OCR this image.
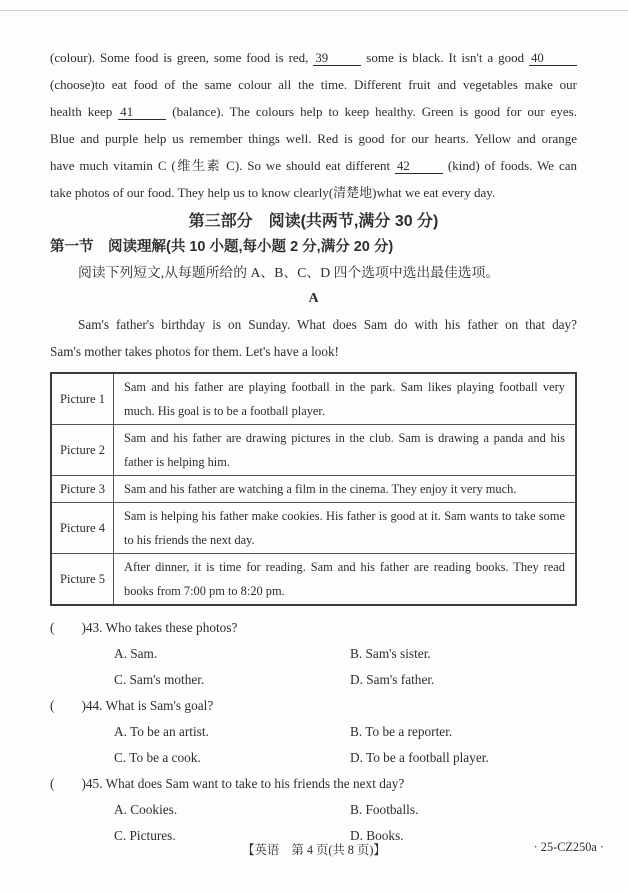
(colour). Some food is green, some food is red, 39	some is black. It isn't a good 40
(choose)to eat food of the same colour all the time. Different fruit and vegetables make our
health keep 41	(balance). The colours help to keep healthy. Green is good for our eyes.
Blue and purple help us remember things well. Red is good for our hearts. Yellow and orange
have much vitamin C (维生素 C). So we should eat different 42	(kind) of foods. We can
take photos of our food. They help us to know clearly(清楚地)what we eat every day.
第三部分　阅读(共两节,满分 30 分)
第一节　阅读理解(共 10 小题,每小题 2 分,满分 20 分)
阅读下列短文,从每题所给的 A、B、C、D 四个选项中选出最佳选项。
A
Sam's father's birthday is on Sunday. What does Sam do with his father on that day?
Sam's mother takes photos for them. Let's have a look!
Picture 1	Sam and his father are playing football in the park. Sam likes playing football very much. His goal is to be a football player.
Picture 2	Sam and his father are drawing pictures in the club. Sam is drawing a panda and his father is helping him.
Picture 3	Sam and his father are watching a film in the cinema. They enjoy it very much.
Picture 4	Sam is helping his father make cookies. His father is good at it. Sam wants to take some to his friends the next day.
Picture 5	After dinner, it is time for reading. Sam and his father are reading books. They read books from 7:00 pm to 8:20 pm.
( )43. Who takes these photos?
A. Sam.	B. Sam's sister.
C. Sam's mother.	D. Sam's father.
( )44. What is Sam's goal?
A. To be an artist.	B. To be a reporter.
C. To be a cook.	D. To be a football player.
( )45. What does Sam want to take to his friends the next day?
A. Cookies.	B. Footballs.
C. Pictures.	D. Books.
【英语　第 4 页(共 8 页)】	· 25-CZ250a ·
